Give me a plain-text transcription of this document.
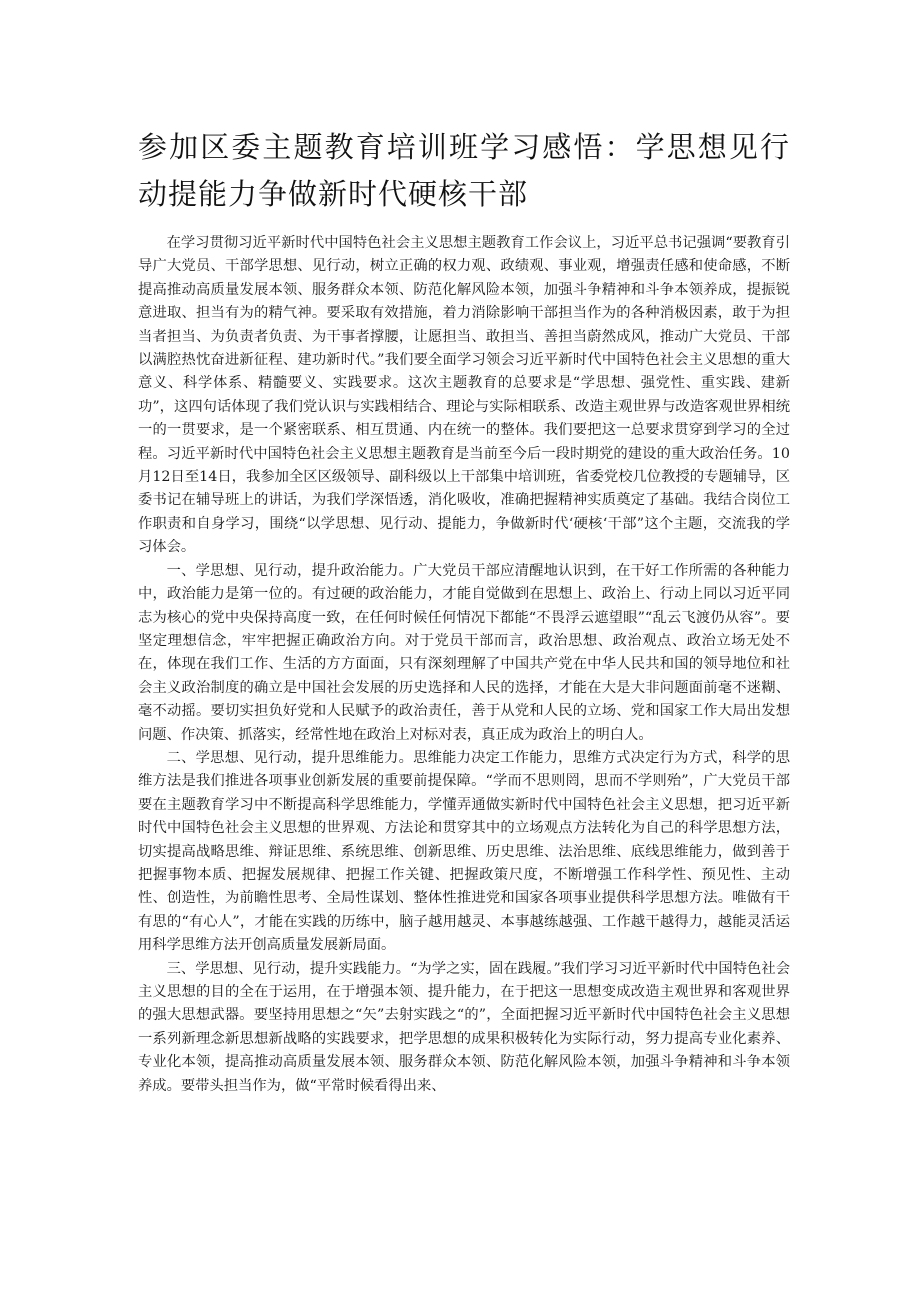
参加区委主题教育培训班学习感悟：学思想见行动提能力争做新时代硬核干部

在学习贯彻习近平新时代中国特色社会主义思想主题教育工作会议上，习近平总书记强调“要教育引导广大党员、干部学思想、见行动，树立正确的权力观、政绩观、事业观，增强责任感和使命感，不断提高推动高质量发展本领、服务群众本领、防范化解风险本领，加强斗争精神和斗争本领养成，提振锐意进取、担当有为的精气神。要采取有效措施，着力消除影响干部担当作为的各种消极因素，敢于为担当者担当、为负责者负责、为干事者撑腰，让愿担当、敢担当、善担当蔚然成风，推动广大党员、干部以满腔热忱奋进新征程、建功新时代。”我们要全面学习领会习近平新时代中国特色社会主义思想的重大意义、科学体系、精髓要义、实践要求。这次主题教育的总要求是“学思想、强党性、重实践、建新功”，这四句话体现了我们党认识与实践相结合、理论与实际相联系、改造主观世界与改造客观世界相统一的一贯要求，是一个紧密联系、相互贯通、内在统一的整体。我们要把这一总要求贯穿到学习的全过程。习近平新时代中国特色社会主义思想主题教育是当前至今后一段时期党的建设的重大政治任务。10月12日至14日，我参加全区区级领导、副科级以上干部集中培训班，省委党校几位教授的专题辅导，区委书记在辅导班上的讲话，为我们学深悟透，消化吸收，准确把握精神实质奠定了基础。我结合岗位工作职责和自身学习，围绕“以学思想、见行动、提能力，争做新时代‘硬核‘干部”这个主题，交流我的学习体会。

一、学思想、见行动，提升政治能力。广大党员干部应清醒地认识到，在干好工作所需的各种能力中，政治能力是第一位的。有过硬的政治能力，才能自觉做到在思想上、政治上、行动上同以习近平同志为核心的党中央保持高度一致，在任何时候任何情况下都能“不畏浮云遮望眼”“乱云飞渡仍从容”。要坚定理想信念，牢牢把握正确政治方向。对于党员干部而言，政治思想、政治观点、政治立场无处不在，体现在我们工作、生活的方方面面，只有深刻理解了中国共产党在中华人民共和国的领导地位和社会主义政治制度的确立是中国社会发展的历史选择和人民的选择，才能在大是大非问题面前毫不迷糊、毫不动摇。要切实担负好党和人民赋予的政治责任，善于从党和人民的立场、党和国家工作大局出发想问题、作决策、抓落实，经常性地在政治上对标对表，真正成为政治上的明白人。

二、学思想、见行动，提升思维能力。思维能力决定工作能力，思维方式决定行为方式，科学的思维方法是我们推进各项事业创新发展的重要前提保障。“学而不思则罔，思而不学则殆”，广大党员干部要在主题教育学习中不断提高科学思维能力，学懂弄通做实新时代中国特色社会主义思想，把习近平新时代中国特色社会主义思想的世界观、方法论和贯穿其中的立场观点方法转化为自己的科学思想方法，切实提高战略思维、辩证思维、系统思维、创新思维、历史思维、法治思维、底线思维能力，做到善于把握事物本质、把握发展规律、把握工作关键、把握政策尺度，不断增强工作科学性、预见性、主动性、创造性，为前瞻性思考、全局性谋划、整体性推进党和国家各项事业提供科学思想方法。唯做有干有思的“有心人”，才能在实践的历练中，脑子越用越灵、本事越练越强、工作越干越得力，越能灵活运用科学思维方法开创高质量发展新局面。

三、学思想、见行动，提升实践能力。“为学之实，固在践履。”我们学习习近平新时代中国特色社会主义思想的目的全在于运用，在于增强本领、提升能力，在于把这一思想变成改造主观世界和客观世界的强大思想武器。要坚持用思想之“矢”去射实践之“的”，全面把握习近平新时代中国特色社会主义思想一系列新理念新思想新战略的实践要求，把学思想的成果积极转化为实际行动，努力提高专业化素养、专业化本领，提高推动高质量发展本领、服务群众本领、防范化解风险本领，加强斗争精神和斗争本领养成。要带头担当作为，做“平常时候看得出来、
